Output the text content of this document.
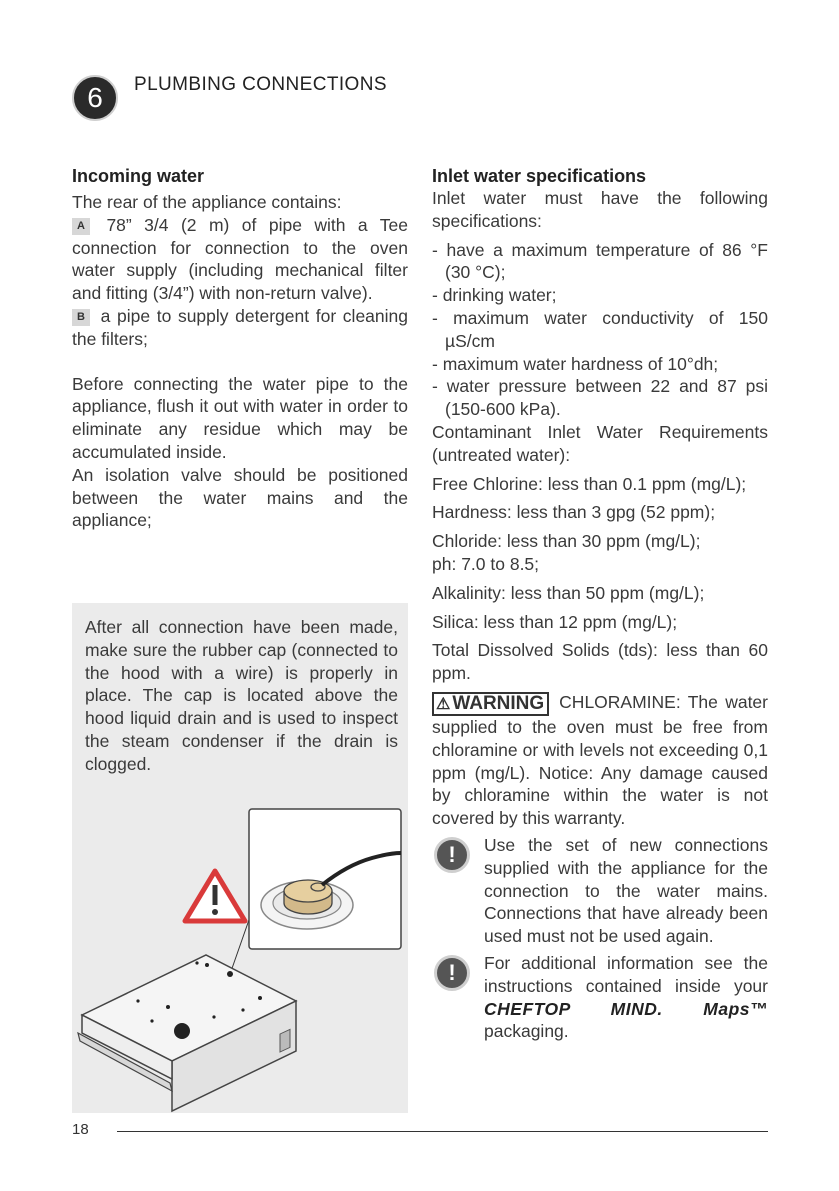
6	PLUMBING CONNECTIONS
Incoming water

The rear of the appliance contains:

A 78” 3/4 (2 m) of pipe with a Tee connection for connection to the oven water supply (including mechanical filter and fitting (3/4”) with non-return valve).

B a pipe to supply detergent for cleaning the filters;

Before connecting the water pipe to the appliance, flush it out with water in order to eliminate any residue which may be accumulated inside.

An isolation valve should be positioned between the water mains and the appliance;

After all connection have been made, make sure the rubber cap (connected to the hood with a wire) is properly in place. The cap is located above the hood liquid drain and is used to inspect the steam condenser if the drain is clogged.
Inlet water specifications

Inlet water must have the following specifications:

- have a maximum temperature of 86 °F (30 °C);
- drinking water;
- maximum water conductivity of 150 µS/cm
- maximum water hardness of 10°dh;
- water pressure between 22 and 87 psi (150-600 kPa).

Contaminant Inlet Water Requirements (untreated water):

Free Chlorine: less than 0.1 ppm (mg/L);

Hardness: less than 3 gpg (52 ppm);

Chloride: less than 30 ppm (mg/L);

ph: 7.0 to 8.5;

Alkalinity: less than 50 ppm (mg/L);

Silica: less than 12 ppm (mg/L);

Total Dissolved Solids (tds): less than 60 ppm.

⚠ WARNING CHLORAMINE: The water supplied to the oven must be free from chloramine or with levels not exceeding 0,1 ppm (mg/L). Notice: Any damage caused by chloramine within the water is not covered by this warranty.

!	Use the set of new connections supplied with the appliance for the connection to the water mains. Connections that have already been used must not be used again.
!	For additional information see the instructions contained inside your CHEFTOP MIND. Maps™ packaging.
18
